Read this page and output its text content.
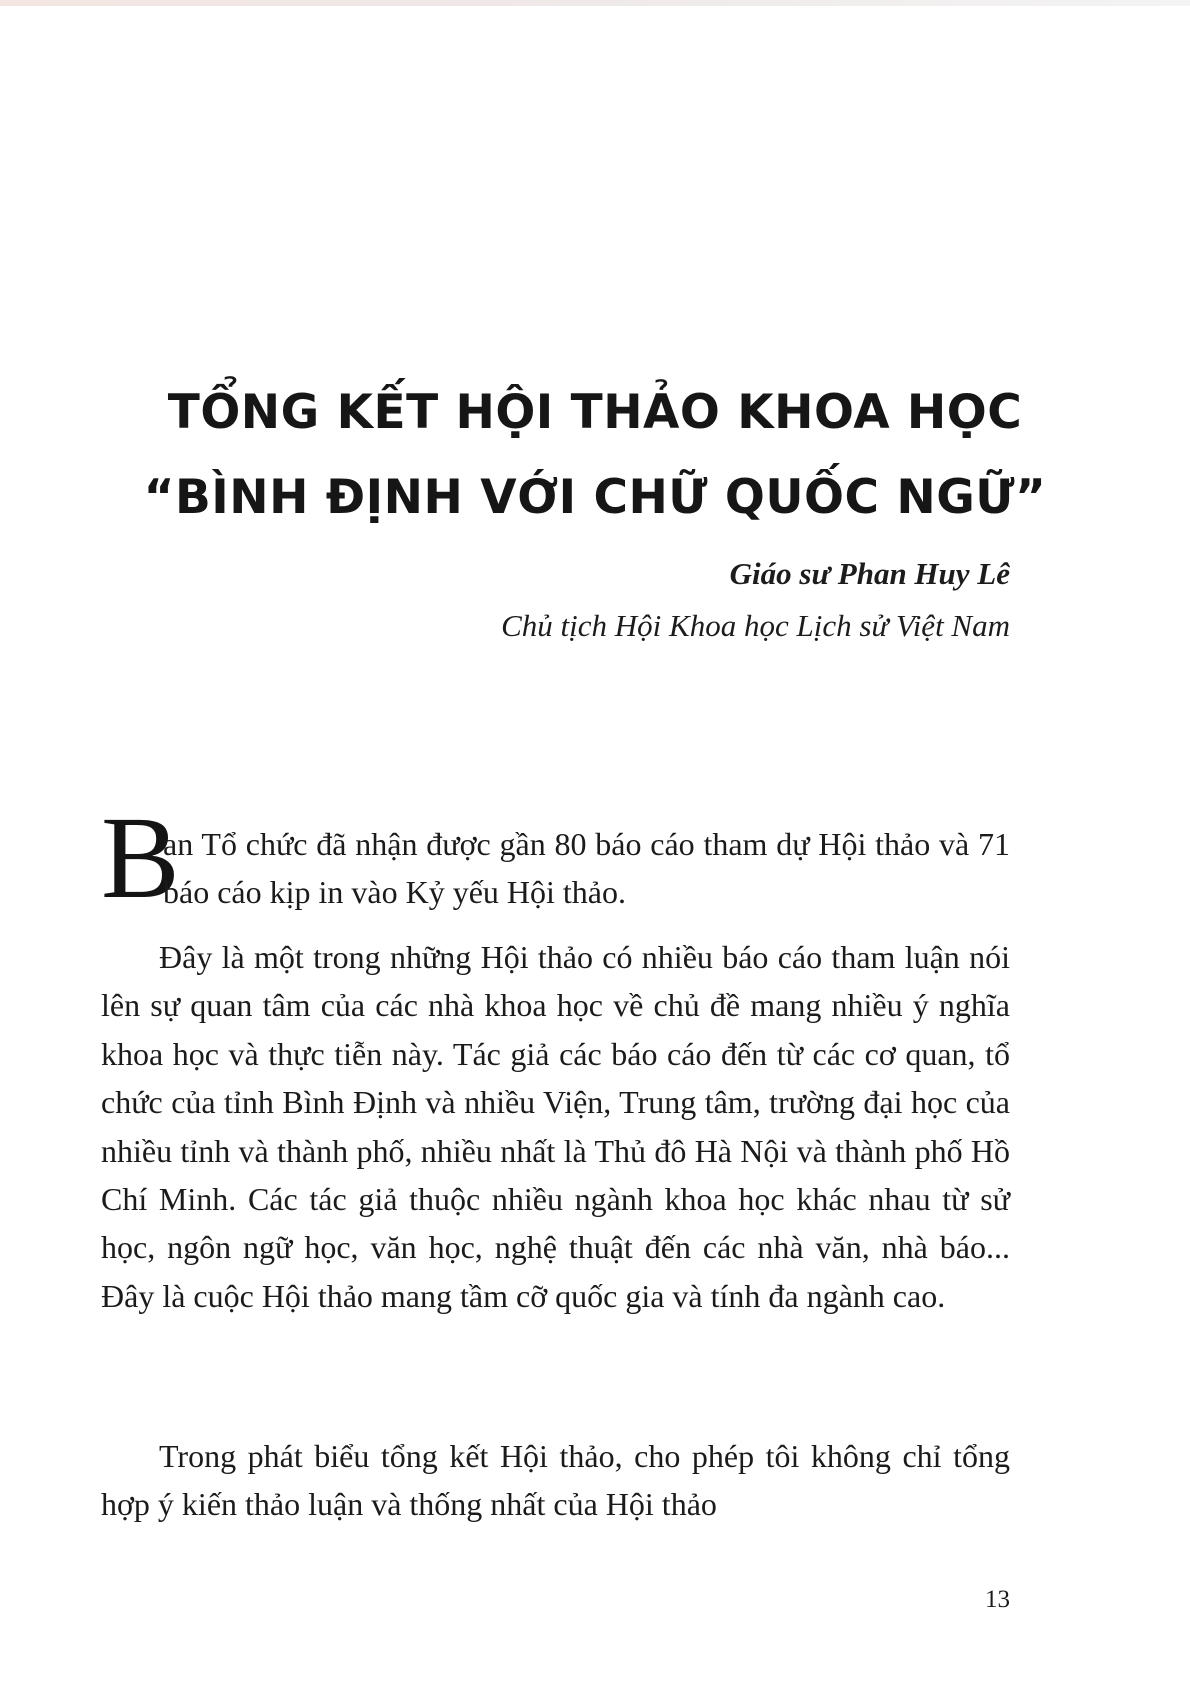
TỔNG KẾT HỘI THẢO KHOA HỌC
“BÌNH ĐỊNH VỚI CHỮ QUỐC NGỮ”
Giáo sư Phan Huy Lê
Chủ tịch Hội Khoa học Lịch sử Việt Nam
B
an Tổ chức đã nhận được gần 80 báo cáo tham dự Hội thảo và 71 báo cáo kịp in vào Kỷ yếu Hội thảo.
Đây là một trong những Hội thảo có nhiều báo cáo tham luận nói lên sự quan tâm của các nhà khoa học về chủ đề mang nhiều ý nghĩa khoa học và thực tiễn này. Tác giả các báo cáo đến từ các cơ quan, tổ chức của tỉnh Bình Định và nhiều Viện, Trung tâm, trường đại học của nhiều tỉnh và thành phố, nhiều nhất là Thủ đô Hà Nội và thành phố Hồ Chí Minh. Các tác giả thuộc nhiều ngành khoa học khác nhau từ sử học, ngôn ngữ học, văn học, nghệ thuật đến các nhà văn, nhà báo... Đây là cuộc Hội thảo mang tầm cỡ quốc gia và tính đa ngành cao.
Trong phát biểu tổng kết Hội thảo, cho phép tôi không chỉ tổng hợp ý kiến thảo luận và thống nhất của Hội thảo
13
